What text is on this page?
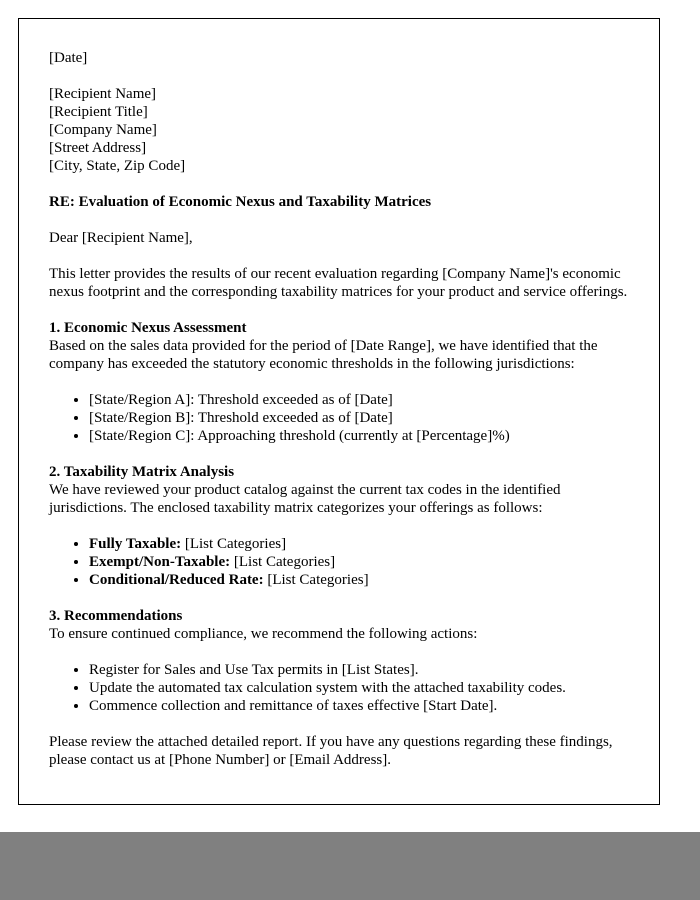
[Date]

[Recipient Name]
[Recipient Title]
[Company Name]
[Street Address]
[City, State, Zip Code]

RE: Evaluation of Economic Nexus and Taxability Matrices

Dear [Recipient Name],

This letter provides the results of our recent evaluation regarding [Company Name]'s economic nexus footprint and the corresponding taxability matrices for your product and service offerings.

1. Economic Nexus Assessment
Based on the sales data provided for the period of [Date Range], we have identified that the company has exceeded the statutory economic thresholds in the following jurisdictions:
• [State/Region A]: Threshold exceeded as of [Date]
• [State/Region B]: Threshold exceeded as of [Date]
• [State/Region C]: Approaching threshold (currently at [Percentage]%)
2. Taxability Matrix Analysis
We have reviewed your product catalog against the current tax codes in the identified jurisdictions. The enclosed taxability matrix categorizes your offerings as follows:
• Fully Taxable: [List Categories]
• Exempt/Non-Taxable: [List Categories]
• Conditional/Reduced Rate: [List Categories]
3. Recommendations
To ensure continued compliance, we recommend the following actions:
• Register for Sales and Use Tax permits in [List States].
• Update the automated tax calculation system with the attached taxability codes.
• Commence collection and remittance of taxes effective [Start Date].

Please review the attached detailed report. If you have any questions regarding these findings, please contact us at [Phone Number] or [Email Address].
